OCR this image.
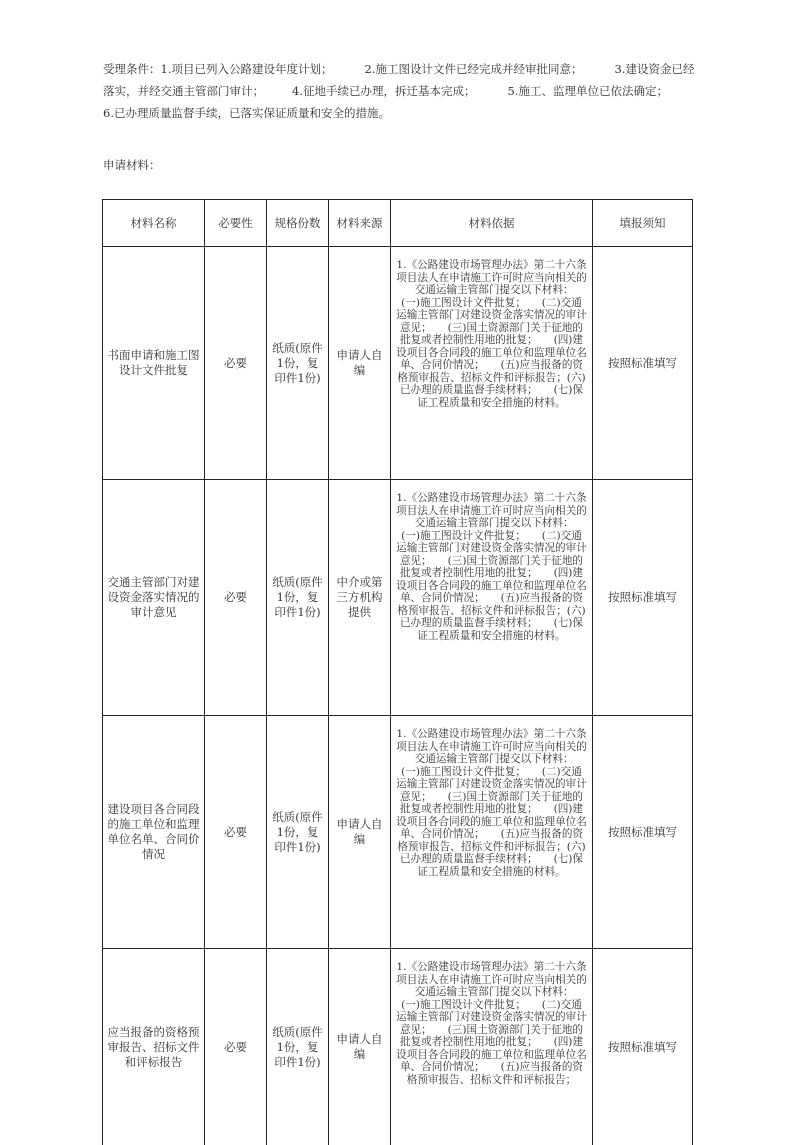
受理条件：1.项目已列入公路建设年度计划；	2.施工图设计文件已经完成并经审批同意；	3.建设资金已经落实，并经交通主管部门审计； 4.征地手续已办理，拆迁基本完成；	5.施工、监理单位已依法确定；6.已办理质量监督手续，已落实保证质量和安全的措施。
申请材料：
材料名称	必要性	规格份数	材料来源	材料依据	填报须知
书面申请和施工图设计文件批复	必要	纸质(原件1份，复印件1份)	申请人自编	1.《公路建设市场管理办法》第二十六条项目法人在申请施工许可时应当向相关的交通运输主管部门提交以下材料：　　(一)施工图设计文件批复；　　(二)交通运输主管部门对建设资金落实情况的审计意见；　　(三)国土资源部门关于征地的批复或者控制性用地的批复；　　(四)建设项目各合同段的施工单位和监理单位名单、合同价情况；　　(五)应当报备的资格预审报告、招标文件和评标报告；(六)已办理的质量监督手续材料；　　(七)保证工程质量和安全措施的材料。	按照标准填写
交通主管部门对建设资金落实情况的审计意见	必要	纸质(原件1份，复印件1份)	中介或第三方机构提供	1.《公路建设市场管理办法》第二十六条项目法人在申请施工许可时应当向相关的交通运输主管部门提交以下材料：　　(一)施工图设计文件批复；　　(二)交通运输主管部门对建设资金落实情况的审计意见；　　(三)国土资源部门关于征地的批复或者控制性用地的批复；　　(四)建设项目各合同段的施工单位和监理单位名单、合同价情况；　　(五)应当报备的资格预审报告、招标文件和评标报告；(六)已办理的质量监督手续材料；　　(七)保证工程质量和安全措施的材料。	按照标准填写
建设项目各合同段的施工单位和监理单位名单、合同价情况	必要	纸质(原件1份，复印件1份)	申请人自编	1.《公路建设市场管理办法》第二十六条项目法人在申请施工许可时应当向相关的交通运输主管部门提交以下材料：　　(一)施工图设计文件批复；　　(二)交通运输主管部门对建设资金落实情况的审计意见；　　(三)国土资源部门关于征地的批复或者控制性用地的批复；　　(四)建设项目各合同段的施工单位和监理单位名单、合同价情况；　　(五)应当报备的资格预审报告、招标文件和评标报告；(六)已办理的质量监督手续材料；　　(七)保证工程质量和安全措施的材料。	按照标准填写
应当报备的资格预审报告、招标文件和评标报告	必要	纸质(原件1份，复印件1份)	申请人自编	1.《公路建设市场管理办法》第二十六条项目法人在申请施工许可时应当向相关的交通运输主管部门提交以下材料：　　(一)施工图设计文件批复；　　(二)交通运输主管部门对建设资金落实情况的审计意见；　　(三)国土资源部门关于征地的批复或者控制性用地的批复；　　(四)建设项目各合同段的施工单位和监理单位名单、合同价情况；　　(五)应当报备的资格预审报告、招标文件和评标报告；	按照标准填写
